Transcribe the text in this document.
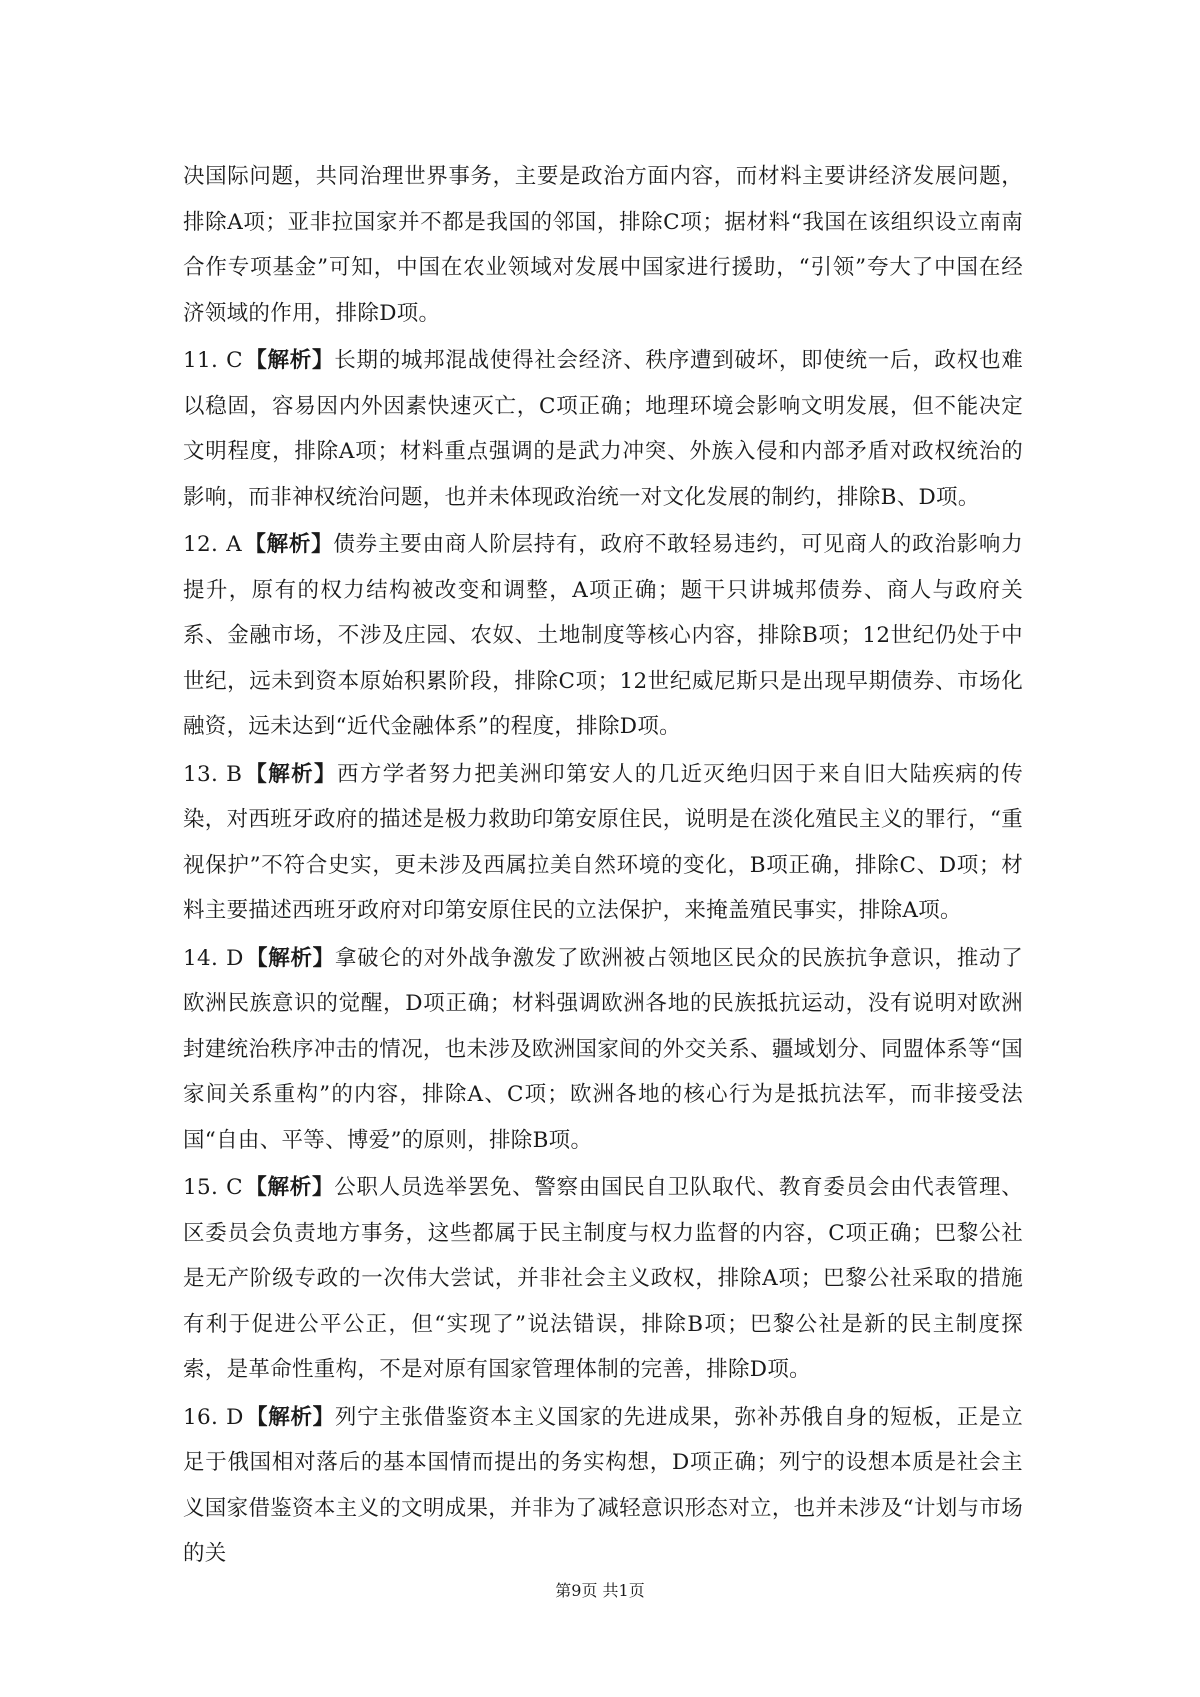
决国际问题，共同治理世界事务，主要是政治方面内容，而材料主要讲经济发展问题，排除A项；亚非拉国家并不都是我国的邻国，排除C项；据材料“我国在该组织设立南南合作专项基金”可知，中国在农业领域对发展中国家进行援助，“引领”夸大了中国在经济领域的作用，排除D项。

11. C【解析】长期的城邦混战使得社会经济、秩序遭到破坏，即使统一后，政权也难以稳固，容易因内外因素快速灭亡，C项正确；地理环境会影响文明发展，但不能决定文明程度，排除A项；材料重点强调的是武力冲突、外族入侵和内部矛盾对政权统治的影响，而非神权统治问题，也并未体现政治统一对文化发展的制约，排除B、D项。

12. A【解析】债券主要由商人阶层持有，政府不敢轻易违约，可见商人的政治影响力提升，原有的权力结构被改变和调整，A项正确；题干只讲城邦债券、商人与政府关系、金融市场，不涉及庄园、农奴、土地制度等核心内容，排除B项；12世纪仍处于中世纪，远未到资本原始积累阶段，排除C项；12世纪威尼斯只是出现早期债券、市场化融资，远未达到“近代金融体系”的程度，排除D项。

13. B【解析】西方学者努力把美洲印第安人的几近灭绝归因于来自旧大陆疾病的传染，对西班牙政府的描述是极力救助印第安原住民，说明是在淡化殖民主义的罪行，“重视保护”不符合史实，更未涉及西属拉美自然环境的变化，B项正确，排除C、D项；材料主要描述西班牙政府对印第安原住民的立法保护，来掩盖殖民事实，排除A项。

14. D【解析】拿破仑的对外战争激发了欧洲被占领地区民众的民族抗争意识，推动了欧洲民族意识的觉醒，D项正确；材料强调欧洲各地的民族抵抗运动，没有说明对欧洲封建统治秩序冲击的情况，也未涉及欧洲国家间的外交关系、疆域划分、同盟体系等“国家间关系重构”的内容，排除A、C项；欧洲各地的核心行为是抵抗法军，而非接受法国“自由、平等、博爱”的原则，排除B项。

15. C【解析】公职人员选举罢免、警察由国民自卫队取代、教育委员会由代表管理、区委员会负责地方事务，这些都属于民主制度与权力监督的内容，C项正确；巴黎公社是无产阶级专政的一次伟大尝试，并非社会主义政权，排除A项；巴黎公社采取的措施有利于促进公平公正，但“实现了”说法错误，排除B项；巴黎公社是新的民主制度探索，是革命性重构，不是对原有国家管理体制的完善，排除D项。

16. D【解析】列宁主张借鉴资本主义国家的先进成果，弥补苏俄自身的短板，正是立足于俄国相对落后的基本国情而提出的务实构想，D项正确；列宁的设想本质是社会主义国家借鉴资本主义的文明成果，并非为了减轻意识形态对立，也并未涉及“计划与市场的关

第9页 共1页
